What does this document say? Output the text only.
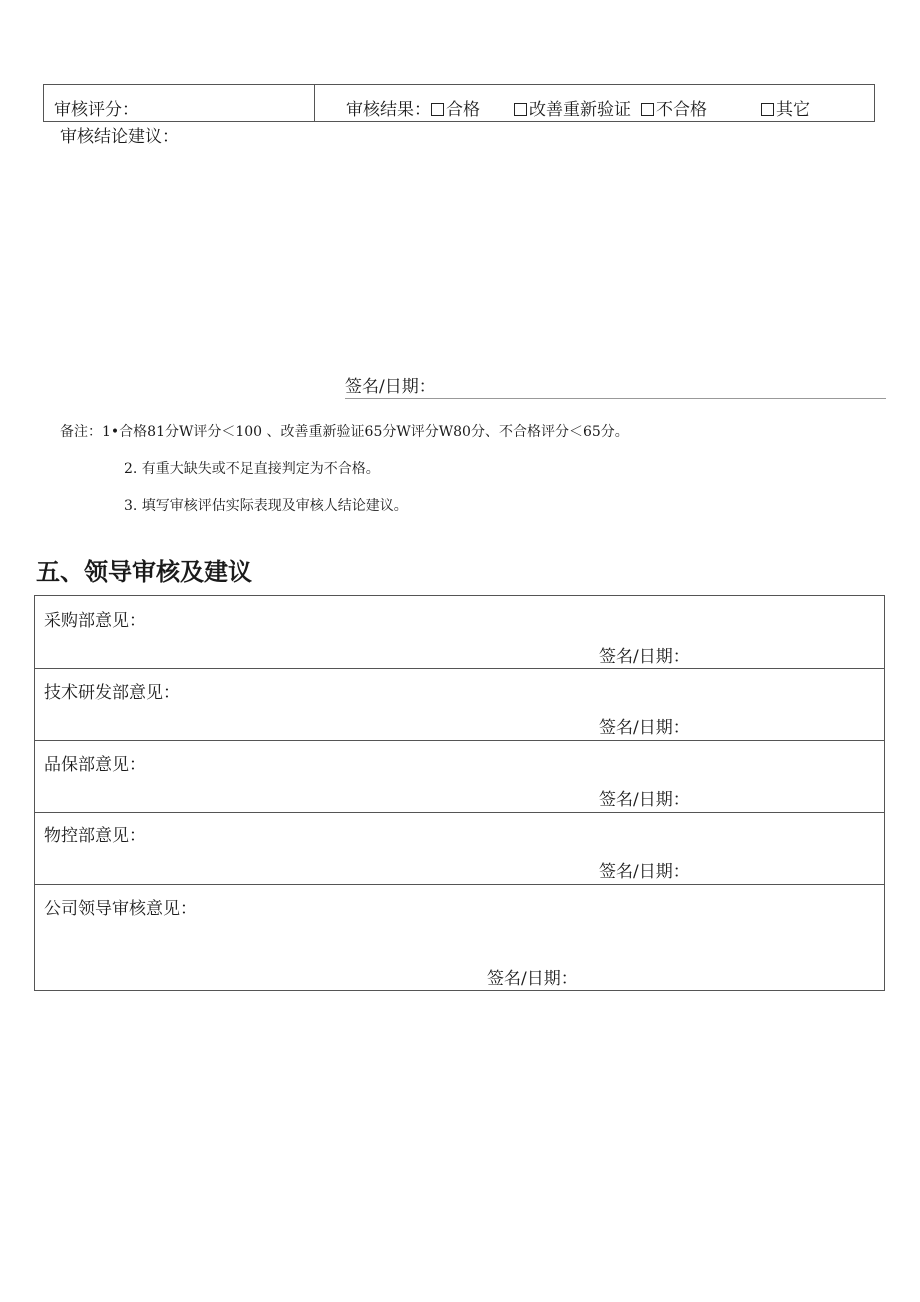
审核评分：	审核结果： 合格	改善重新验证 不合格	其它
审核结论建议：
签名/日期：
备注：1•合格81分W评分＜100 、改善重新验证65分W评分W80分、不合格评分＜65分。
2. 有重大缺失或不足直接判定为不合格。
3. 填写审核评估实际表现及审核人结论建议。
五、领导审核及建议
采购部意见：
签名/日期：
技术研发部意见：
签名/日期：
品保部意见：
签名/日期：
物控部意见：
签名/日期：
公司领导审核意见：
签名/日期：
